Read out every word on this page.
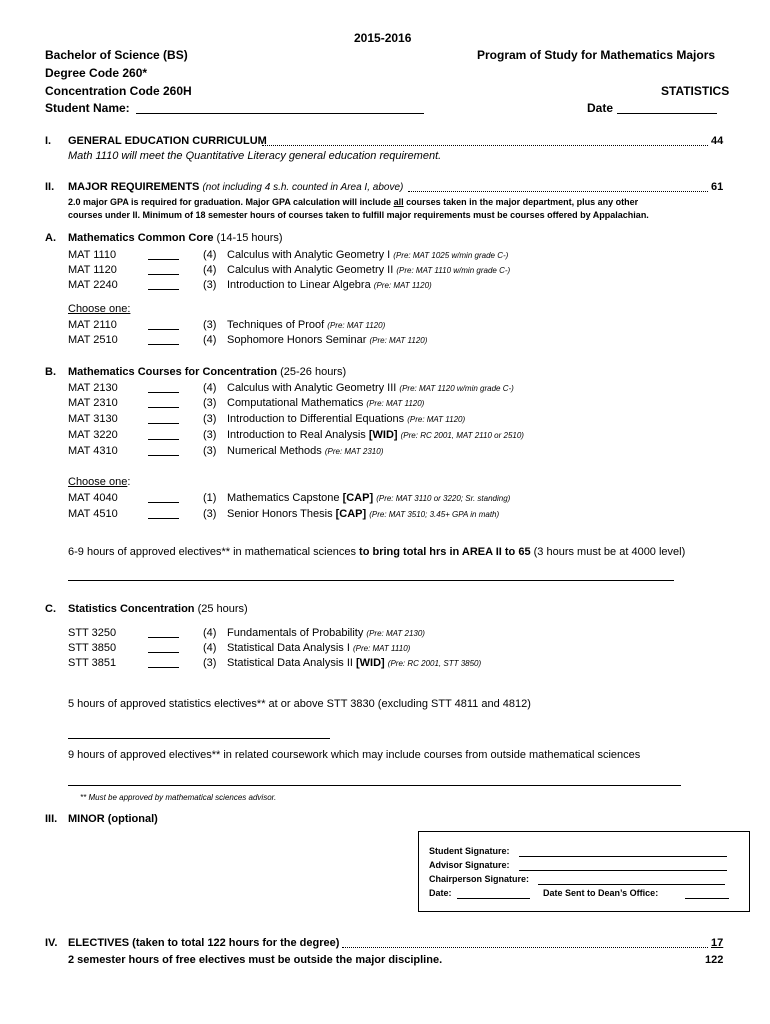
2015-2016
Bachelor of Science (BS)	Program of Study for Mathematics Majors
Degree Code 260*
Concentration Code 260H	STATISTICS
Student Name:	Date
I. GENERAL EDUCATION CURRICULUM	44
Math 1110 will meet the Quantitative Literacy general education requirement.
II. MAJOR REQUIREMENTS (not including 4 s.h. counted in Area I, above)	61
2.0 major GPA is required for graduation. Major GPA calculation will include all courses taken in the major department, plus any other
courses under II. Minimum of 18 semester hours of courses taken to fulfill major requirements must be courses offered by Appalachian.
A. Mathematics Common Core (14-15 hours)
MAT 1110	(4) Calculus with Analytic Geometry I (Pre: MAT 1025 w/min grade C-)
MAT 1120	(4) Calculus with Analytic Geometry II (Pre: MAT 1110 w/min grade C-)
MAT 2240	(3) Introduction to Linear Algebra (Pre: MAT 1120)
Choose one:
MAT 2110	(3) Techniques of Proof (Pre: MAT 1120)
MAT 2510	(4) Sophomore Honors Seminar (Pre: MAT 1120)
B. Mathematics Courses for Concentration (25-26 hours)
MAT 2130	(4) Calculus with Analytic Geometry III (Pre: MAT 1120 w/min grade C-)
MAT 2310	(3) Computational Mathematics (Pre: MAT 1120)
MAT 3130	(3) Introduction to Differential Equations (Pre: MAT 1120)
MAT 3220	(3) Introduction to Real Analysis [WID] (Pre: RC 2001, MAT 2110 or 2510)
MAT 4310	(3) Numerical Methods (Pre: MAT 2310)
Choose one:
MAT 4040	(1) Mathematics Capstone [CAP] (Pre: MAT 3110 or 3220; Sr. standing)
MAT 4510	(3) Senior Honors Thesis [CAP] (Pre: MAT 3510; 3.45+ GPA in math)
6-9 hours of approved electives** in mathematical sciences to bring total hrs in AREA II to 65 (3 hours must be at 4000 level)
C. Statistics Concentration (25 hours)
STT 3250	(4) Fundamentals of Probability (Pre: MAT 2130)
STT 3850	(4) Statistical Data Analysis I (Pre: MAT 1110)
STT 3851	(3) Statistical Data Analysis II [WID] (Pre: RC 2001, STT 3850)
5 hours of approved statistics electives** at or above STT 3830 (excluding STT 4811 and 4812)
9 hours of approved electives** in related coursework which may include courses from outside mathematical sciences
** Must be approved by mathematical sciences advisor.
III. MINOR (optional)
Student Signature:
Advisor Signature:
Chairperson Signature:
Date:	Date Sent to Dean’s Office:
IV. ELECTIVES (taken to total 122 hours for the degree)	17
2 semester hours of free electives must be outside the major discipline.	122
